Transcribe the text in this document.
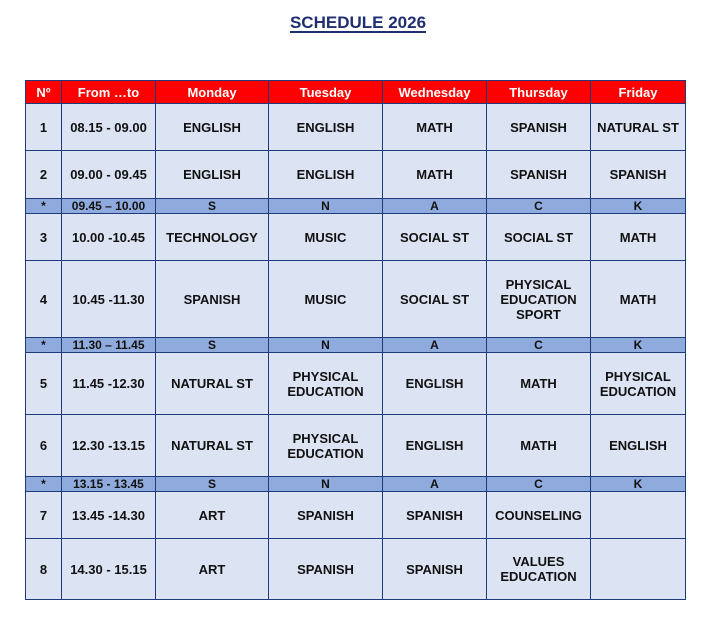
SCHEDULE 2026
Nº	From …to	Monday	Tuesday	Wednesday	Thursday	Friday
1	08.15 - 09.00	ENGLISH	ENGLISH	MATH	SPANISH	NATURAL ST
2	09.00 - 09.45	ENGLISH	ENGLISH	MATH	SPANISH	SPANISH
*	09.45 – 10.00	S	N	A	C	K
3	10.00 -10.45	TECHNOLOGY	MUSIC	SOCIAL ST	SOCIAL ST	MATH
4	10.45 -11.30	SPANISH	MUSIC	SOCIAL ST	PHYSICAL EDUCATION SPORT	MATH
*	11.30 – 11.45	S	N	A	C	K
5	11.45 -12.30	NATURAL ST	PHYSICAL EDUCATION	ENGLISH	MATH	PHYSICAL EDUCATION
6	12.30 -13.15	NATURAL ST	PHYSICAL EDUCATION	ENGLISH	MATH	ENGLISH
*	13.15 - 13.45	S	N	A	C	K
7	13.45 -14.30	ART	SPANISH	SPANISH	COUNSELING	
8	14.30 - 15.15	ART	SPANISH	SPANISH	VALUES EDUCATION	
